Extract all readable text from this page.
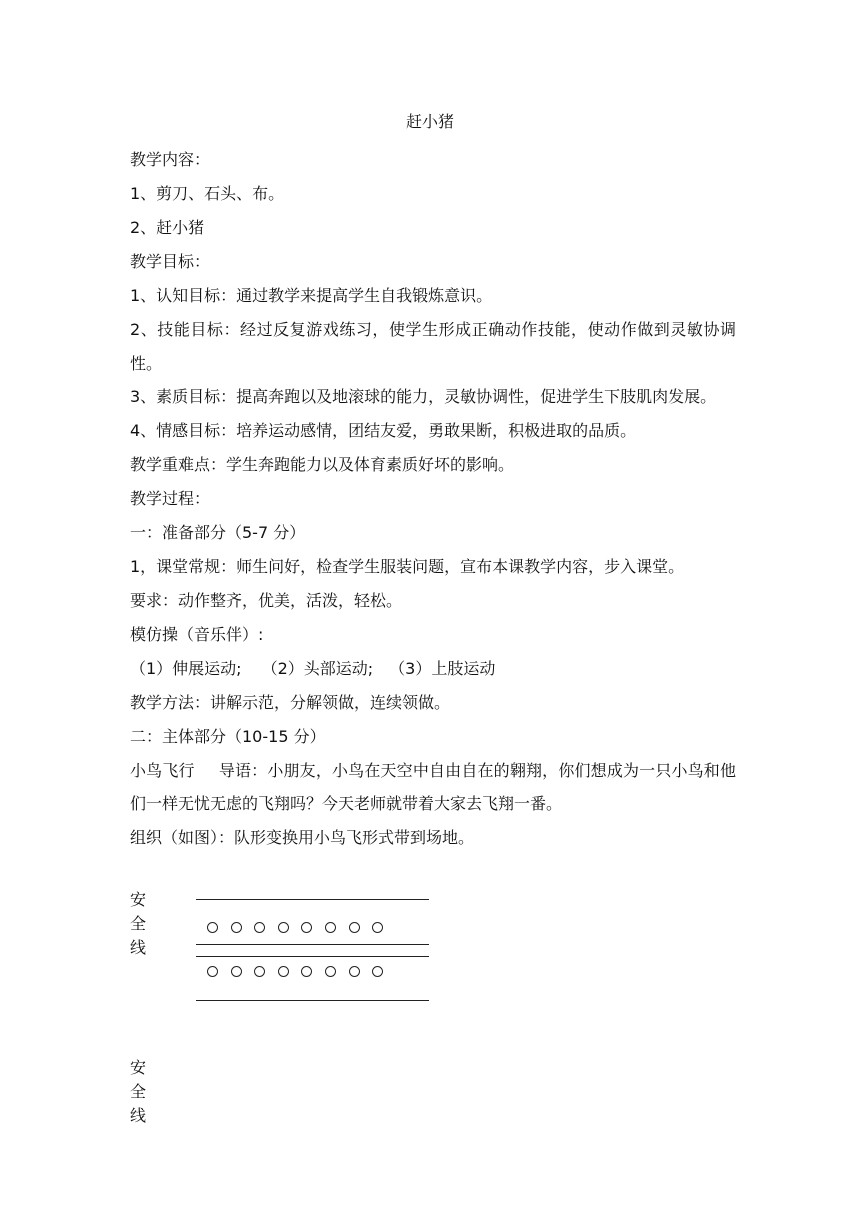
赶小猪

教学内容：

1、剪刀、石头、布。

2、赶小猪

教学目标：

1、认知目标：通过教学来提高学生自我锻炼意识。

2、技能目标：经过反复游戏练习，使学生形成正确动作技能，使动作做到灵敏协调性。

3、素质目标：提高奔跑以及地滚球的能力，灵敏协调性，促进学生下肢肌肉发展。

4、情感目标：培养运动感情，团结友爱，勇敢果断，积极进取的品质。

教学重难点：学生奔跑能力以及体育素质好坏的影响。

教学过程：

一：准备部分（5-7 分）

1，课堂常规：师生问好，检查学生服装问题，宣布本课教学内容，步入课堂。

要求：动作整齐，优美，活泼，轻松。

模仿操（音乐伴）:

（1）伸展运动; （2）头部运动; （3）上肢运动

教学方法：讲解示范，分解领做，连续领做。

二：主体部分（10-15 分）

小鸟飞行 导语：小朋友，小鸟在天空中自由自在的翱翔，你们想成为一只小鸟和他们一样无忧无虑的飞翔吗？今天老师就带着大家去飞翔一番。

组织（如图）：队形变换用小鸟飞形式带到场地。

安全线
安全线
